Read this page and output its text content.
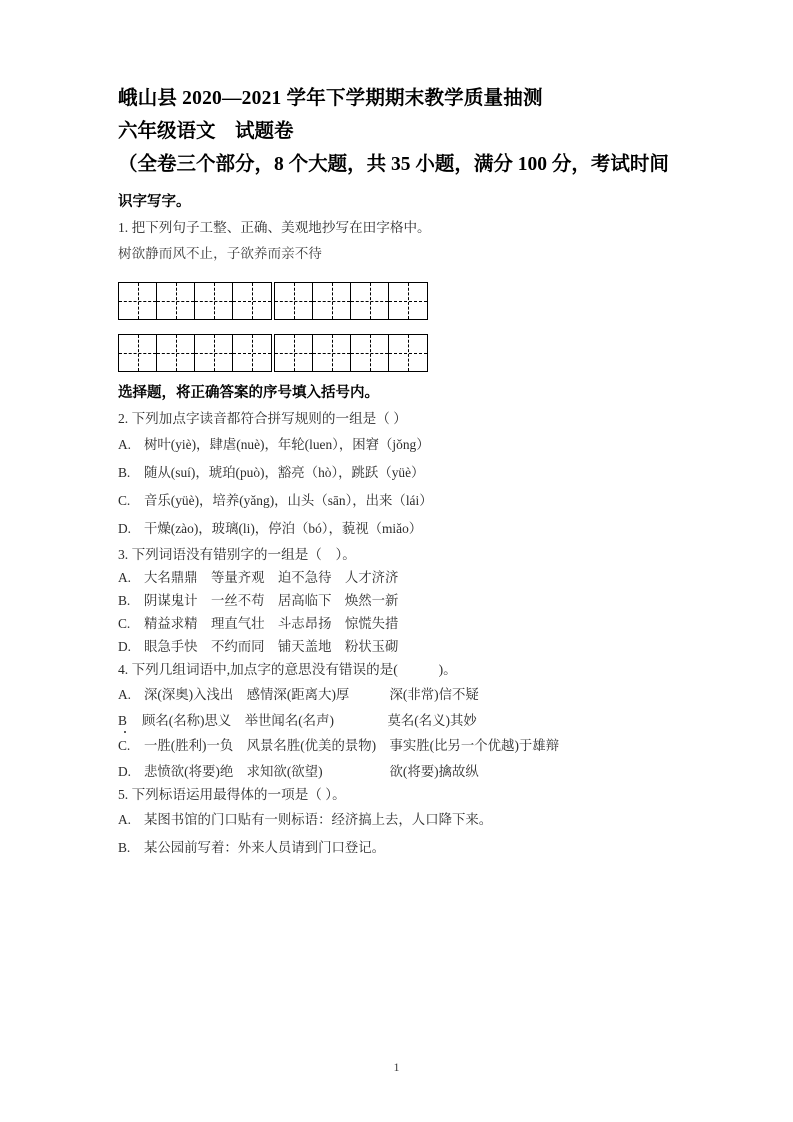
峨山县 2020—2021 学年下学期期末教学质量抽测
六年级语文　试题卷
（全卷三个部分，8 个大题，共 35 小题，满分 100 分，考试时间
识字写字。
1. 把下列句子工整、正确、美观地抄写在田字格中。
树欲静而风不止，子欲养而亲不待
选择题，将正确答案的序号填入括号内。
2. 下列加点字读音都符合拼写规则的一组是（ ）
A. 树叶(yiè)，肆虐(nuè)，年轮(luen），困窘（jǒng）
B. 随从(suí)，琥珀(può)，豁亮（hò），跳跃（yüè）
C. 音乐(yüè)，培养(yǎng)，山头（sān），出来（lái）
D. 干燥(zào)，玻璃(li)，停泊（bó），藐视（miǎo）
3. 下列词语没有错别字的一组是（　）。
A. 大名鼎鼎　等量齐观　迫不急待　人才济济
B. 阴谋鬼计　一丝不苟　居高临下　焕然一新
C. 精益求精　理直气壮　斗志昂扬　惊慌失措
D. 眼急手快　不约而同　铺天盖地　粉状玉砌
4. 下列几组词语中,加点字的意思没有错误的是(　　　)。
A. 深(深奥)入浅出　感情深(距离大)厚　　　深(非常)信不疑
B 顾名(名称)思义　举世闻名(名声)　　　　莫名(名义)其妙
C. 一胜(胜利)一负　风景名胜(优美的景物)　事实胜(比另一个优越)于雄辩
D. 悲愤欲(将要)绝　求知欲(欲望)　　　　　欲(将要)擒故纵
5. 下列标语运用最得体的一项是（ ）。
A. 某图书馆的门口贴有一则标语：经济搞上去，人口降下来。
B. 某公园前写着：外来人员请到门口登记。
1
